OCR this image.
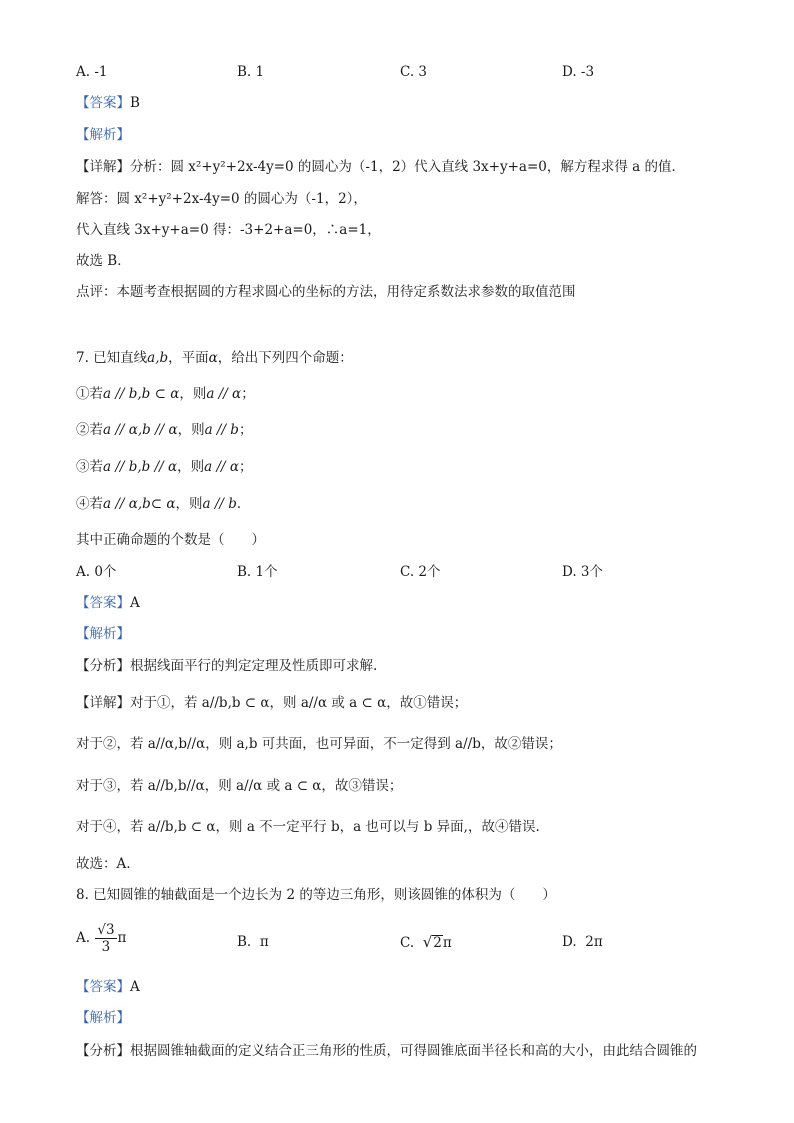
A. -1	B. 1	C. 3	D. -3
【答案】B
【解析】
【详解】分析：圆 x²+y²+2x-4y=0 的圆心为（-1，2）代入直线 3x+y+a=0，解方程求得 a 的值．
解答：圆 x²+y²+2x-4y=0 的圆心为（-1，2），
代入直线 3x+y+a=0 得：-3+2+a=0，∴a=1，
故选 B．
点评：本题考查根据圆的方程求圆心的坐标的方法，用待定系数法求参数的取值范围
7. 已知直线a,b，平面α，给出下列四个命题：
①若a // b,b ⊂ α，则a // α；
②若a // α,b // α，则a // b；
③若a // b,b // α，则a // α；
④若a // α,b⊂ α，则a // b．
其中正确命题的个数是（　　）
A. 0个	B. 1个	C. 2个	D. 3个
【答案】A
【解析】
【分析】根据线面平行的判定定理及性质即可求解.
【详解】对于①，若 a//b,b ⊂ α，则 a//α 或 a ⊂ α，故①错误；
对于②，若 a//α,b//α，则 a,b 可共面，也可异面，不一定得到 a//b，故②错误；
对于③，若 a//b,b//α，则 a//α 或 a ⊂ α，故③错误；
对于④，若 a//b,b ⊂ α，则 a 不一定平行 b，a 也可以与 b 异面,，故④错误.
故选：A.
8. 已知圆锥的轴截面是一个边长为 2 的等边三角形，则该圆锥的体积为（　　）
A. $\frac{√3}{3}$ π	B. π	C. √2π	D. 2π
【答案】A
【解析】
【分析】根据圆锥轴截面的定义结合正三角形的性质，可得圆锥底面半径长和高的大小，由此结合圆锥的
